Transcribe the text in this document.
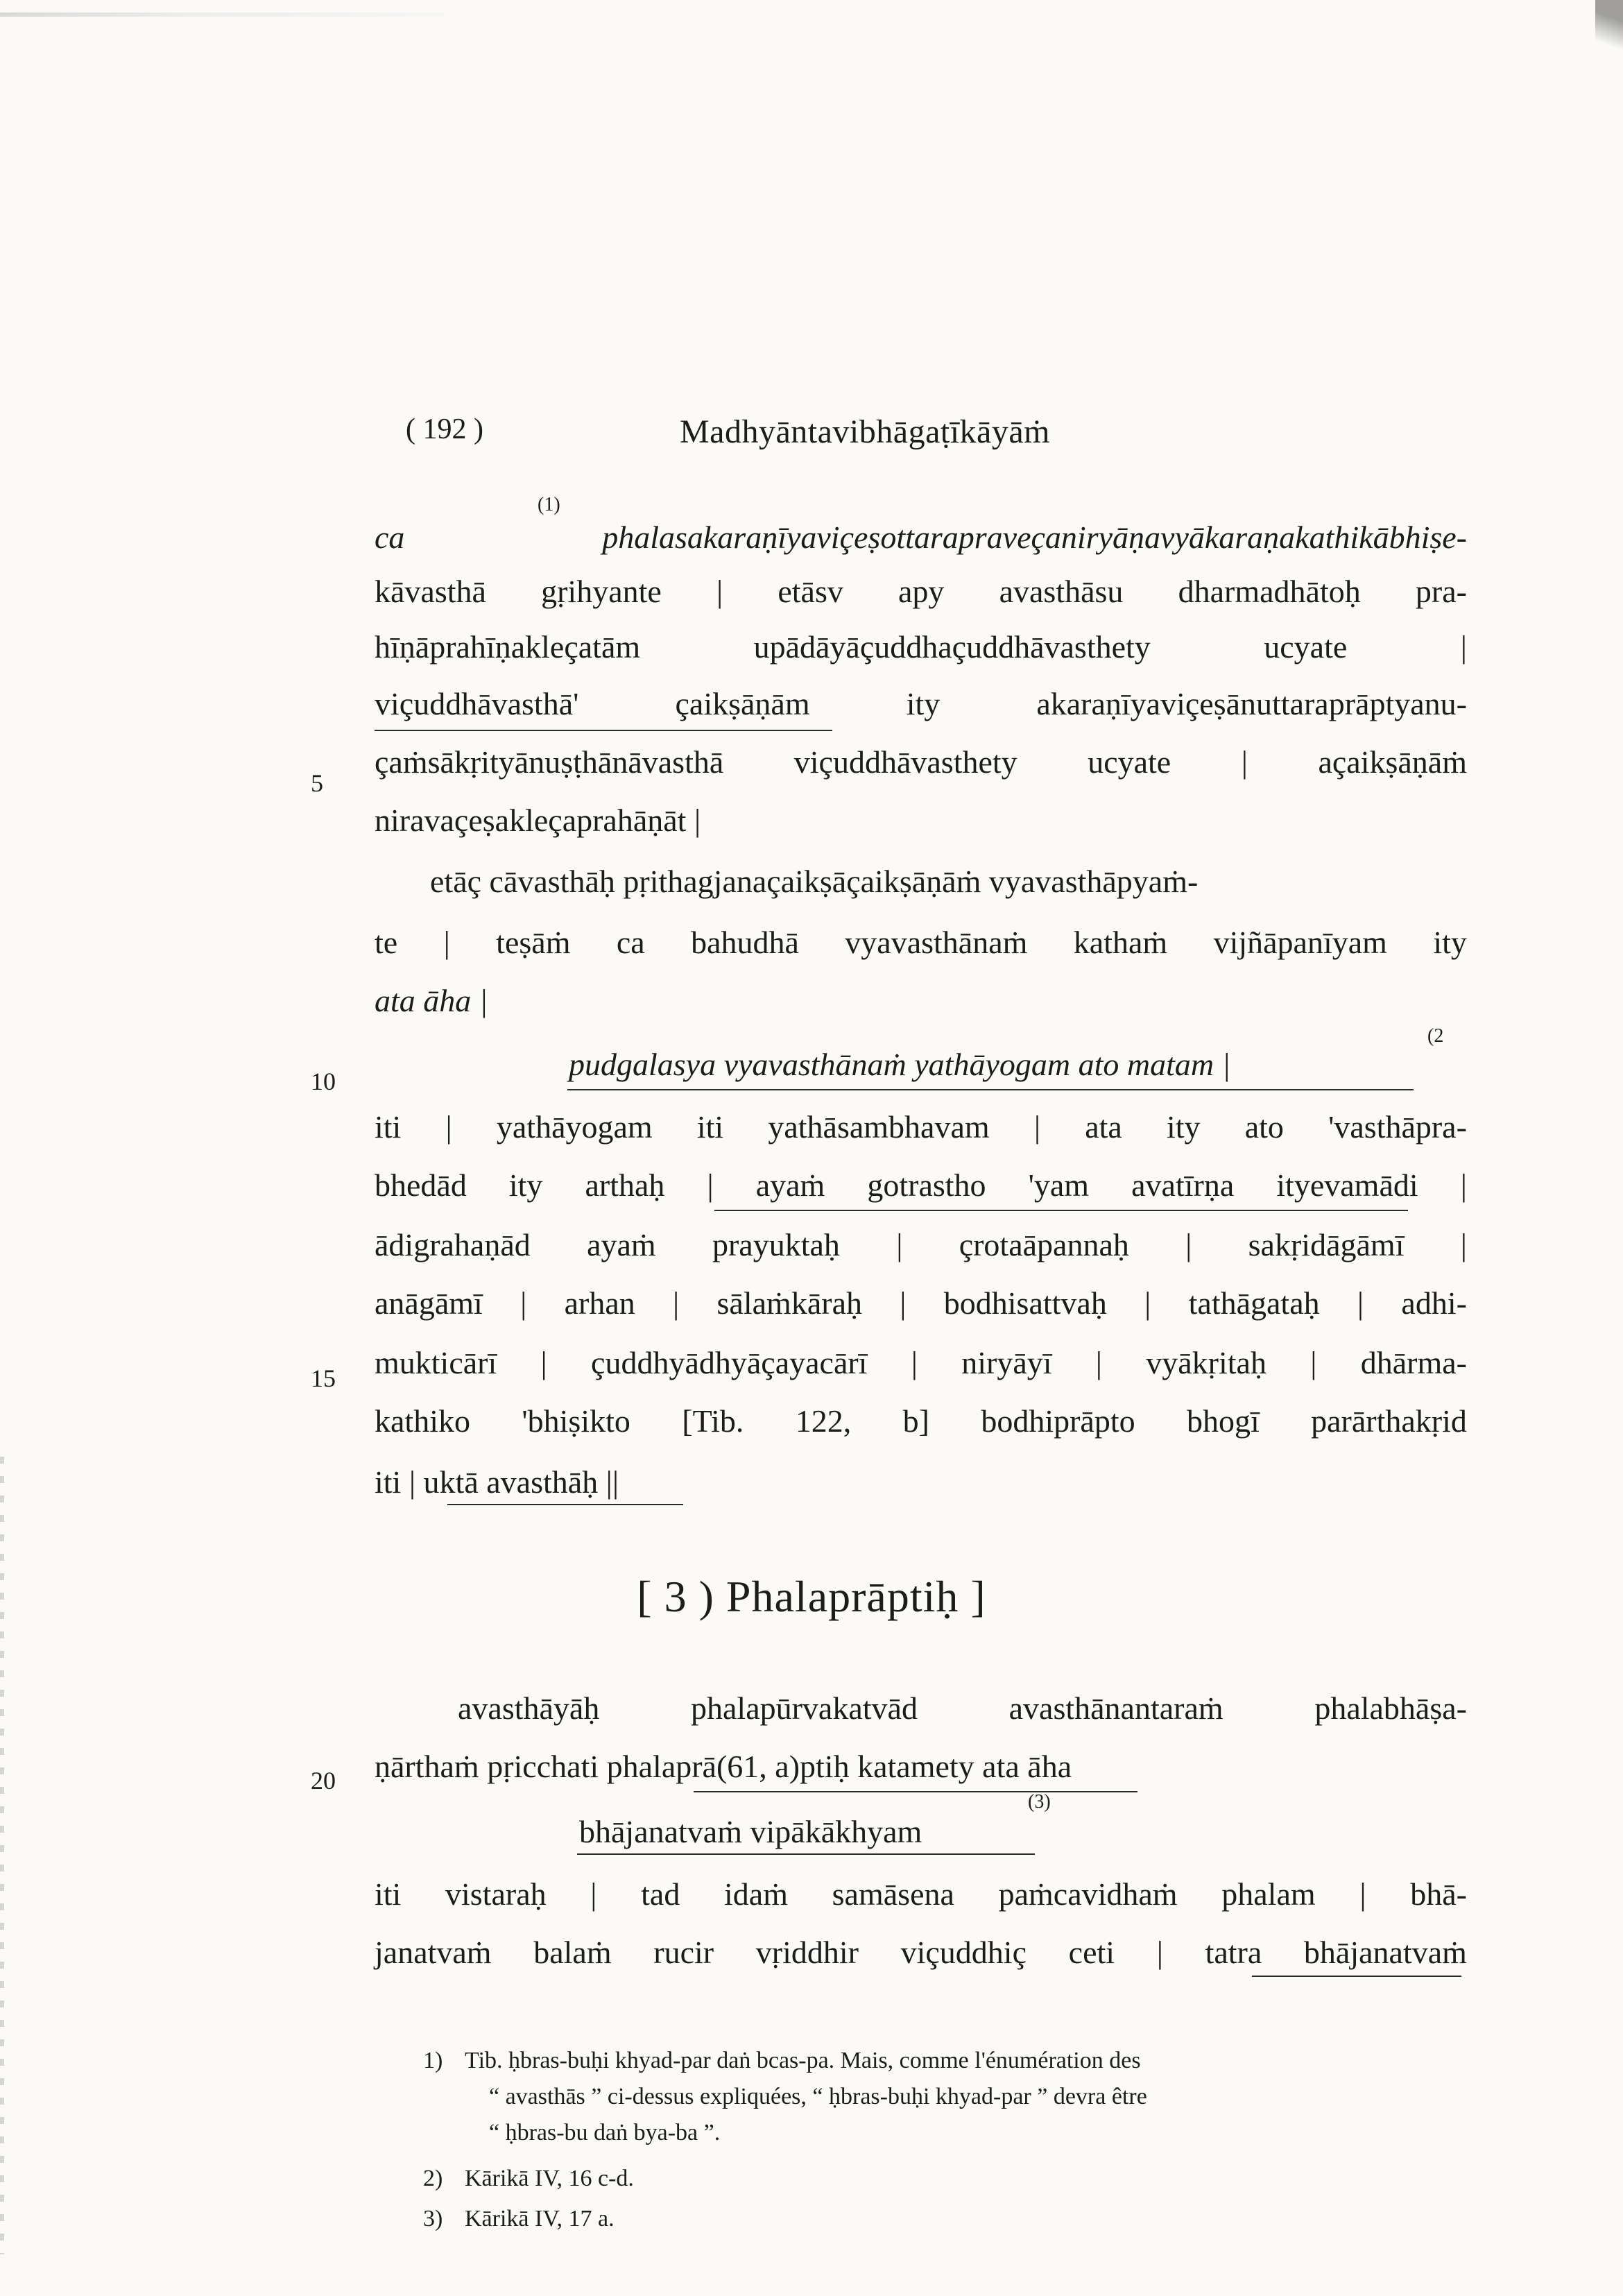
( 192 )	Madhyāntavibhāgaṭīkāyāṁ
(1)
ca	phalasakaraṇīyaviçeṣottarapraveçaniryāṇavyākaraṇakathikābhiṣe-
kāvasthā gṛihyante | etāsv apy avasthāsu dharmadhātoḥ pra-
hīṇāprahīṇakleçatām	upādāyāçuddhaçuddhāvasthety	ucyate	|
viçuddhāvasthā'	çaikṣāṇām	ity	akaraṇīyaviçeṣānuttaraprāptyanu-
5
çaṁsākṛityānuṣṭhānāvasthā viçuddhāvasthety ucyate | açaikṣāṇāṁ
niravaçeṣakleçaprahāṇāt |
etāç cāvasthāḥ pṛithagjanaçaikṣāçaikṣāṇāṁ vyavasthāpyaṁ-
te | teṣāṁ ca bahudhā vyavasthānaṁ kathaṁ vijñāpanīyam ity
ata āha |
(2
10	pudgalasya vyavasthānaṁ yathāyogam ato matam |
iti | yathāyogam iti yathāsambhavam | ata ity ato 'vasthāpra-
bhedād ity arthaḥ | ayaṁ gotrastho 'yam avatīrṇa ityevamādi |
ādigrahaṇād ayaṁ prayuktaḥ | çrotaāpannaḥ | sakṛidāgāmī |
anāgāmī | arhan | sālaṁkāraḥ | bodhisattvaḥ | tathāgataḥ | adhi-
15 mukticārī | çuddhyādhyāçayacārī | niryāyī | vyākṛitaḥ | dhārma-
kathiko 'bhiṣikto [Tib. 122, b] bodhiprāpto bhogī parārthakṛid
iti | uktā avasthāḥ ||
[ 3 ) Phalaprāptiḥ ]
avasthāyāḥ	phalapūrvakatvād	avasthānantaraṁ	phalabhāṣa-
20 ṇārthaṁ pṛicchati phalaprā(61, a)ptiḥ katamety ata āha
(3)
bhājanatvaṁ vipākākhyam
iti vistaraḥ | tad idaṁ samāsena paṁcavidhaṁ phalam | bhā-
janatvaṁ balaṁ rucir vṛiddhir viçuddhiç ceti | tatra bhājanatvaṁ
1) Tib. ḥbras-buḥi khyad-par daṅ bcas-pa. Mais, comme l'énumération des
“ avasthās ” ci-dessus expliquées, “ ḥbras-buḥi khyad-par ” devra être
“ ḥbras-bu daṅ bya-ba ”.
2) Kārikā IV, 16 c-d.
3) Kārikā IV, 17 a.
